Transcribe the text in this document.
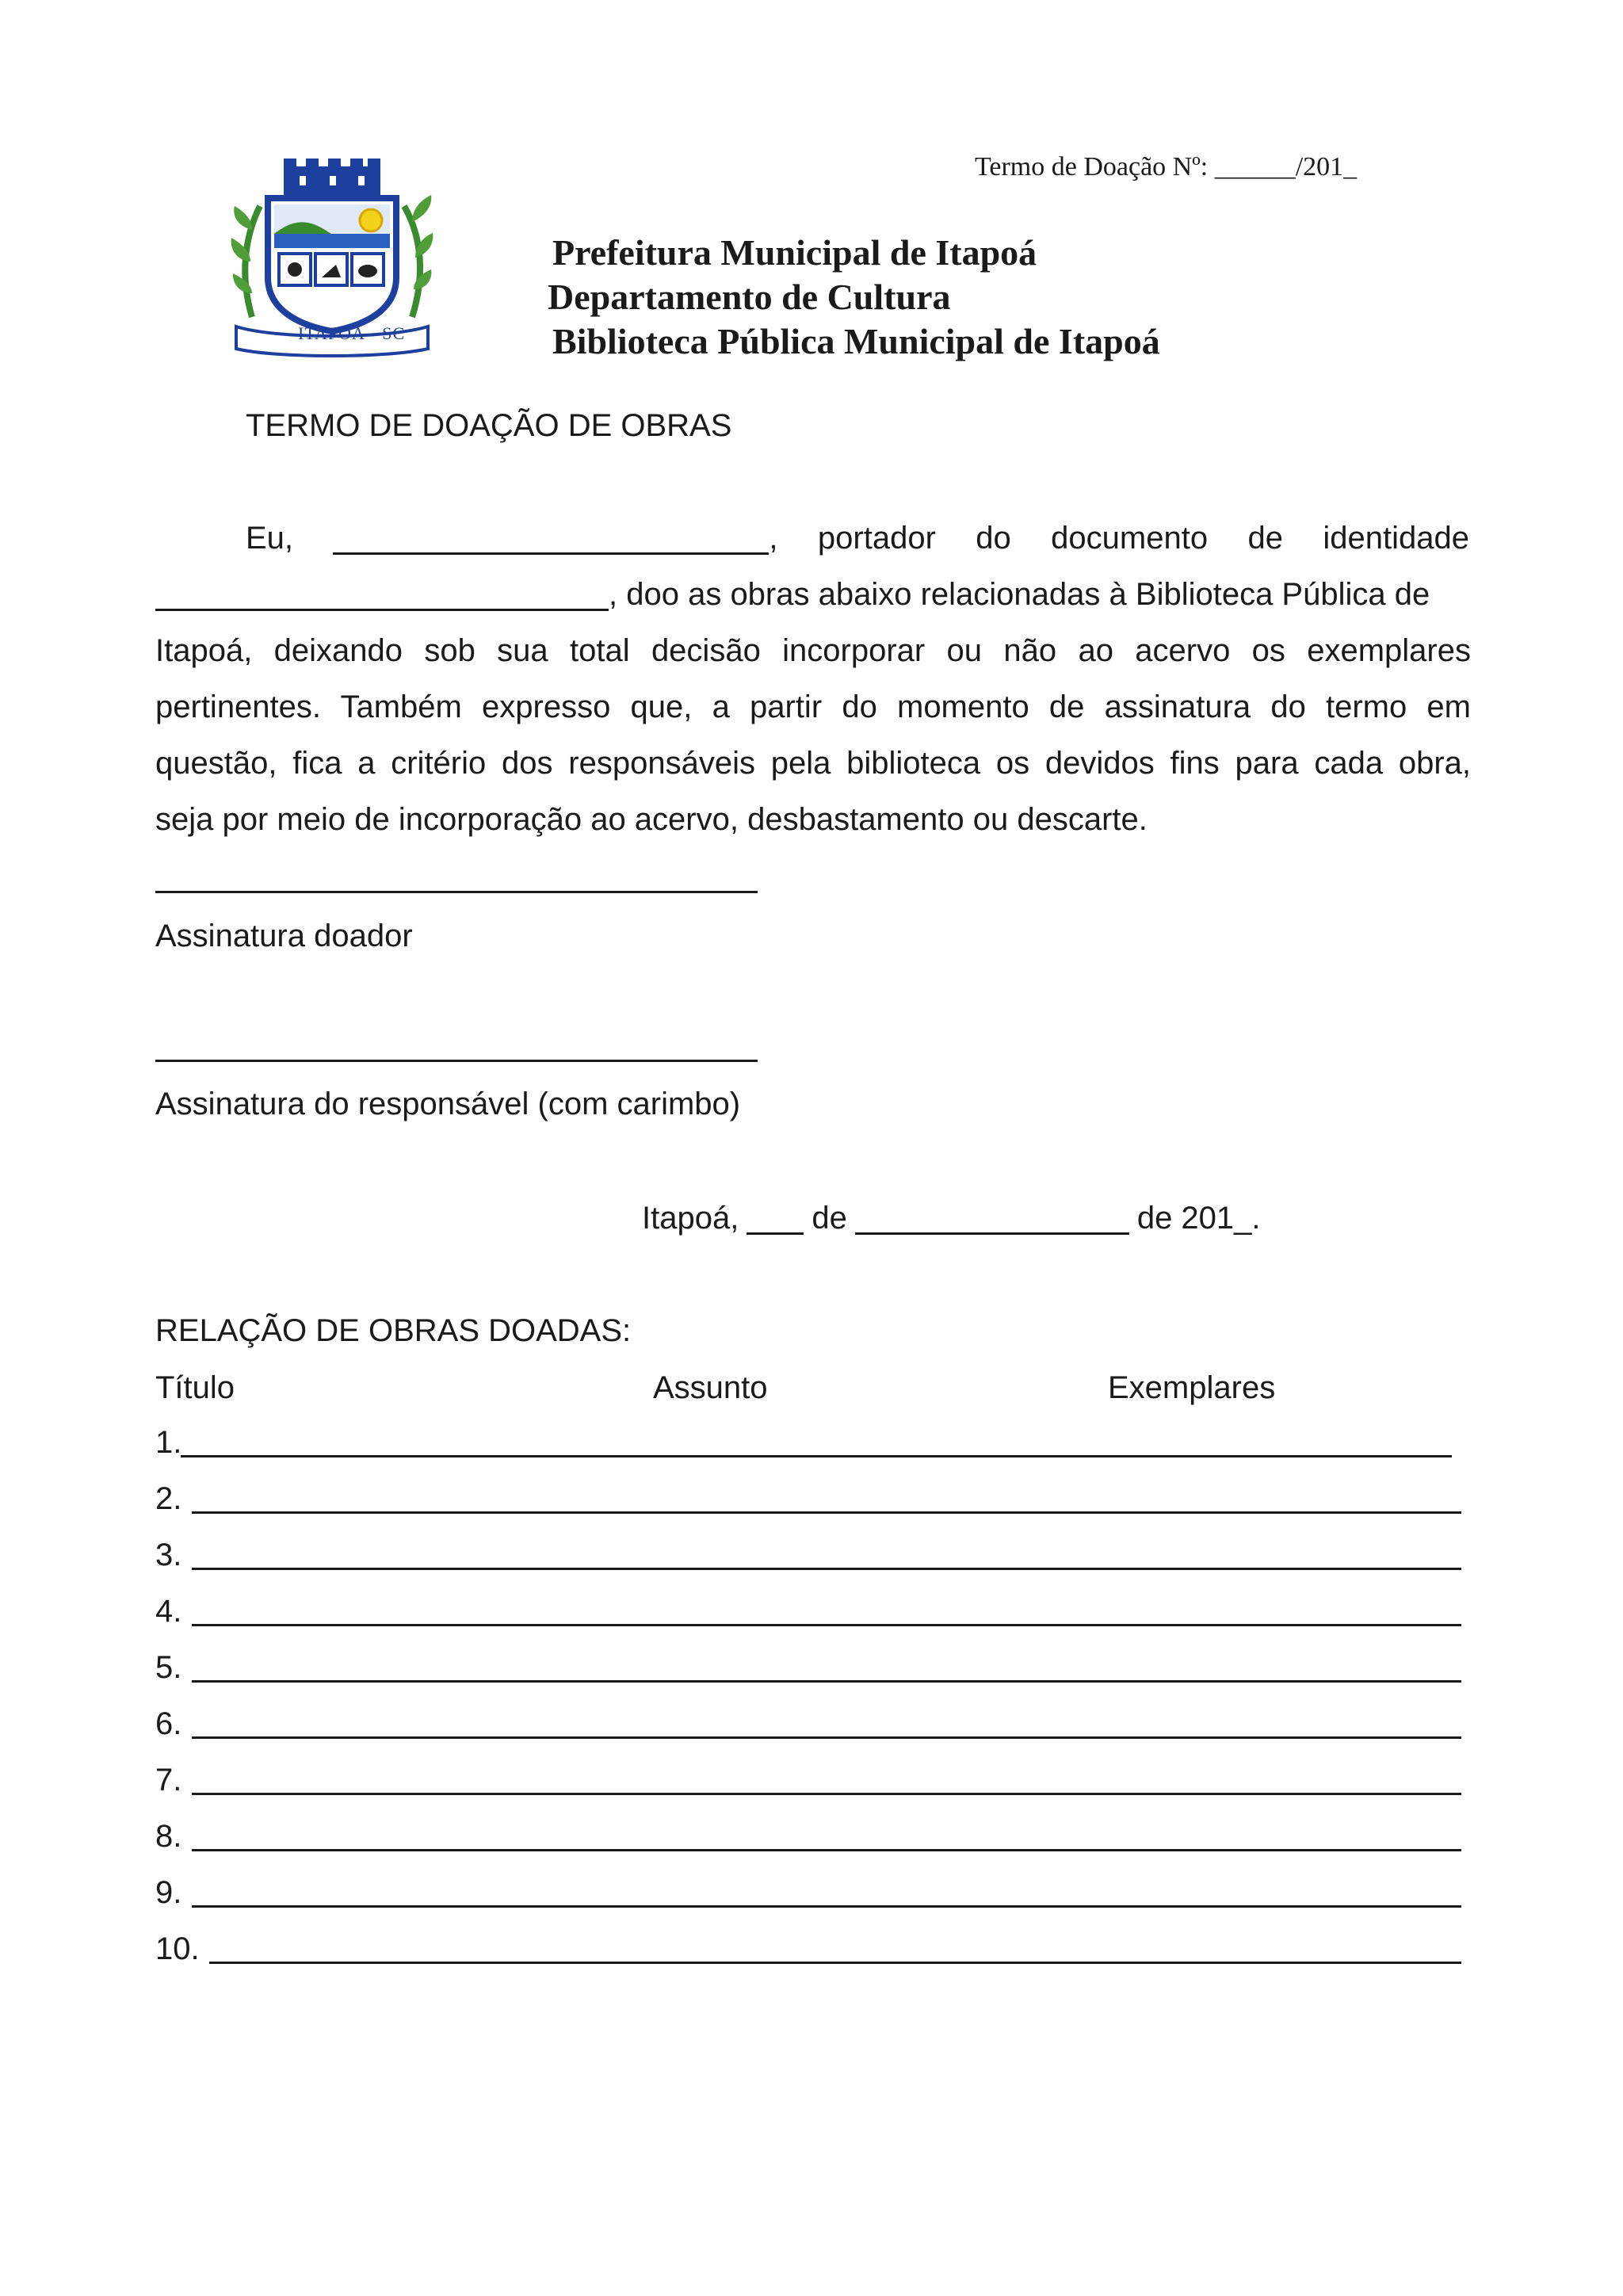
Termo de Doação Nº: ______/201_
ITAPOÁ - SC
Prefeitura Municipal de Itapoá
Departamento de Cultura
Biblioteca Pública Municipal de Itapoá
TERMO DE DOAÇÃO DE OBRAS
Eu,	, portador do documento de identidade
, doo as obras abaixo relacionadas à Biblioteca Pública de
Itapoá, deixando sob sua total decisão incorporar ou não ao acervo os exemplares
pertinentes. Também expresso que, a partir do momento de assinatura do termo em
questão, fica a critério dos responsáveis pela biblioteca os devidos fins para cada obra,
seja por meio de incorporação ao acervo, desbastamento ou descarte.
Assinatura doador
Assinatura do responsável (com carimbo)
Itapoá, de	de 201_.
RELAÇÃO DE OBRAS DOADAS:
Título	Assunto	Exemplares
1.
2.
3.
4.
5.
6.
7.
8.
9.
10.
